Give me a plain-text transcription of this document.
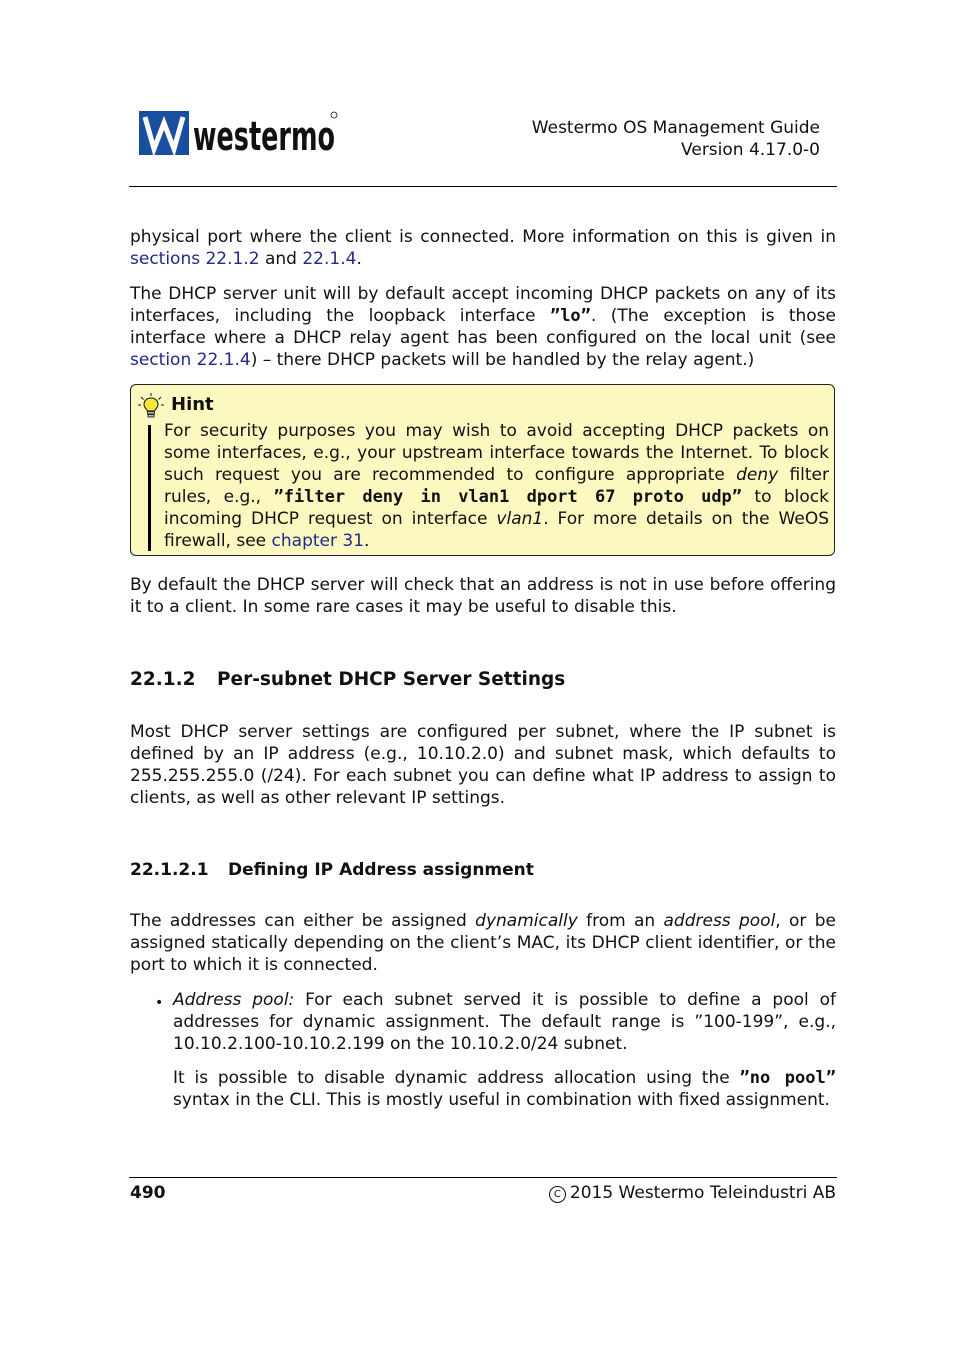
westermo	Westermo OS Management Guide
Version 4.17.0-0

physical port where the client is connected. More information on this is given in sections 22.1.2 and 22.1.4.

The DHCP server unit will by default accept incoming DHCP packets on any of its interfaces, including the loopback interface ”lo”. (The exception is those interface where a DHCP relay agent has been configured on the local unit (see section 22.1.4) – there DHCP packets will be handled by the relay agent.)

Hint

For security purposes you may wish to avoid accepting DHCP packets on some interfaces, e.g., your upstream interface towards the Internet. To block such request you are recommended to configure appropriate deny filter rules, e.g., ”filter deny in vlan1 dport 67 proto udp” to block incoming DHCP request on interface vlan1. For more details on the WeOS firewall, see chapter 31.

By default the DHCP server will check that an address is not in use before offering it to a client. In some rare cases it may be useful to disable this.

22.1.2 Per-subnet DHCP Server Settings

Most DHCP server settings are configured per subnet, where the IP subnet is defined by an IP address (e.g., 10.10.2.0) and subnet mask, which defaults to 255.255.255.0 (/24). For each subnet you can define what IP address to assign to clients, as well as other relevant IP settings.

22.1.2.1 Defining IP Address assignment

The addresses can either be assigned dynamically from an address pool, or be assigned statically depending on the client’s MAC, its DHCP client identifier, or the port to which it is connected.

• Address pool: For each subnet served it is possible to define a pool of addresses for dynamic assignment. The default range is ”100-199”, e.g., 10.10.2.100-10.10.2.199 on the 10.10.2.0/24 subnet.

It is possible to disable dynamic address allocation using the ”no pool” syntax in the CLI. This is mostly useful in combination with fixed assignment.

490	C 2015 Westermo Teleindustri AB
